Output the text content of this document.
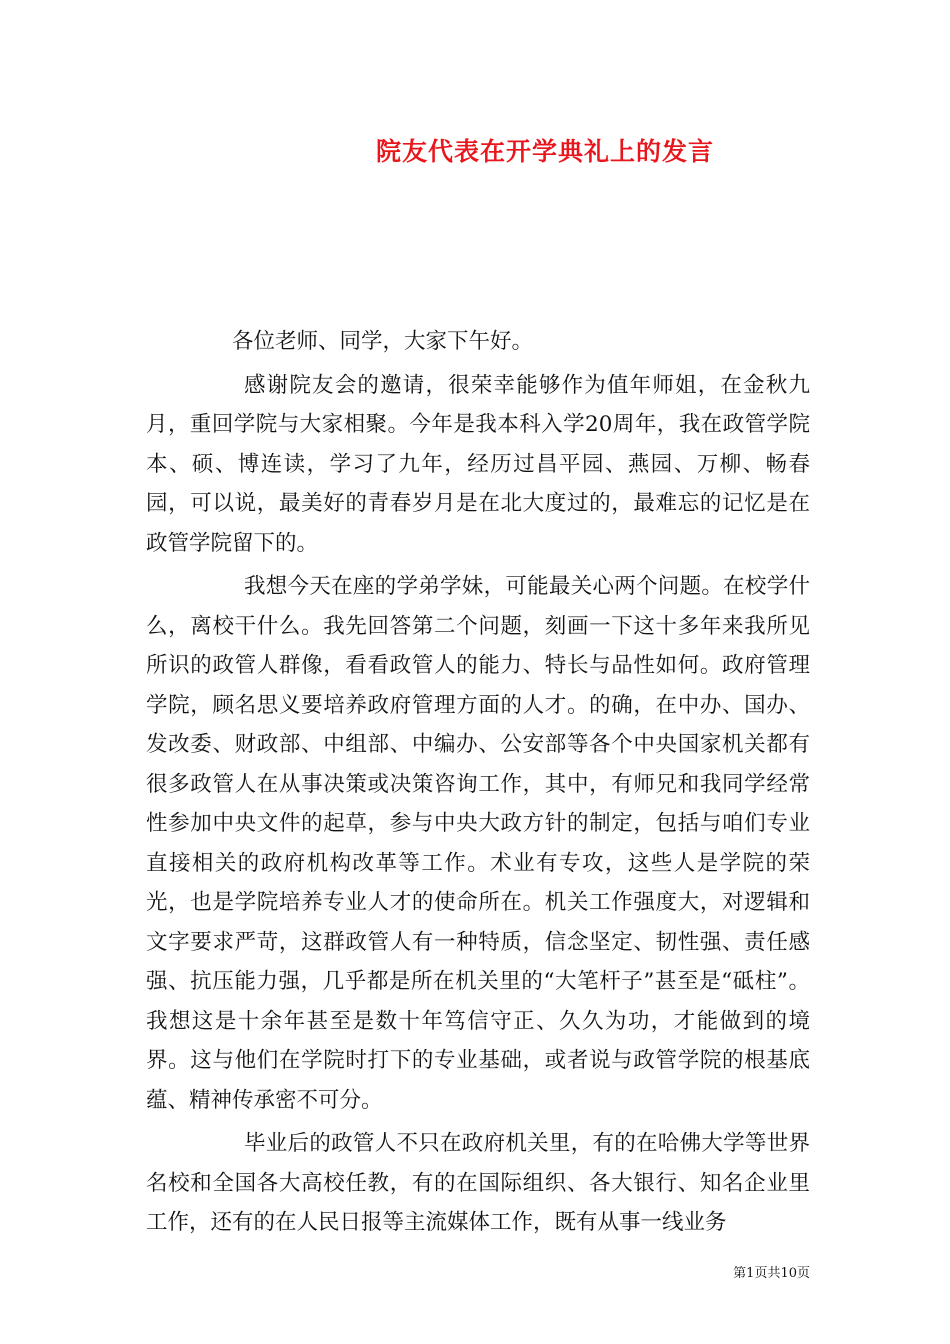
院友代表在开学典礼上的发言

各位老师、同学，大家下午好。

感谢院友会的邀请，很荣幸能够作为值年师姐，在金秋九月，重回学院与大家相聚。今年是我本科入学20周年，我在政管学院本、硕、博连读，学习了九年，经历过昌平园、燕园、万柳、畅春园，可以说，最美好的青春岁月是在北大度过的，最难忘的记忆是在政管学院留下的。

我想今天在座的学弟学妹，可能最关心两个问题。在校学什么，离校干什么。我先回答第二个问题，刻画一下这十多年来我所见所识的政管人群像，看看政管人的能力、特长与品性如何。政府管理学院，顾名思义要培养政府管理方面的人才。的确，在中办、国办、发改委、财政部、中组部、中编办、公安部等各个中央国家机关都有很多政管人在从事决策或决策咨询工作，其中，有师兄和我同学经常性参加中央文件的起草，参与中央大政方针的制定，包括与咱们专业直接相关的政府机构改革等工作。术业有专攻，这些人是学院的荣光，也是学院培养专业人才的使命所在。机关工作强度大，对逻辑和文字要求严苛，这群政管人有一种特质，信念坚定、韧性强、责任感强、抗压能力强，几乎都是所在机关里的“大笔杆子”甚至是“砥柱”。我想这是十余年甚至是数十年笃信守正、久久为功，才能做到的境界。这与他们在学院时打下的专业基础，或者说与政管学院的根基底蕴、精神传承密不可分。

毕业后的政管人不只在政府机关里，有的在哈佛大学等世界名校和全国各大高校任教，有的在国际组织、各大银行、知名企业里工作，还有的在人民日报等主流媒体工作，既有从事一线业务

第1页共10页
